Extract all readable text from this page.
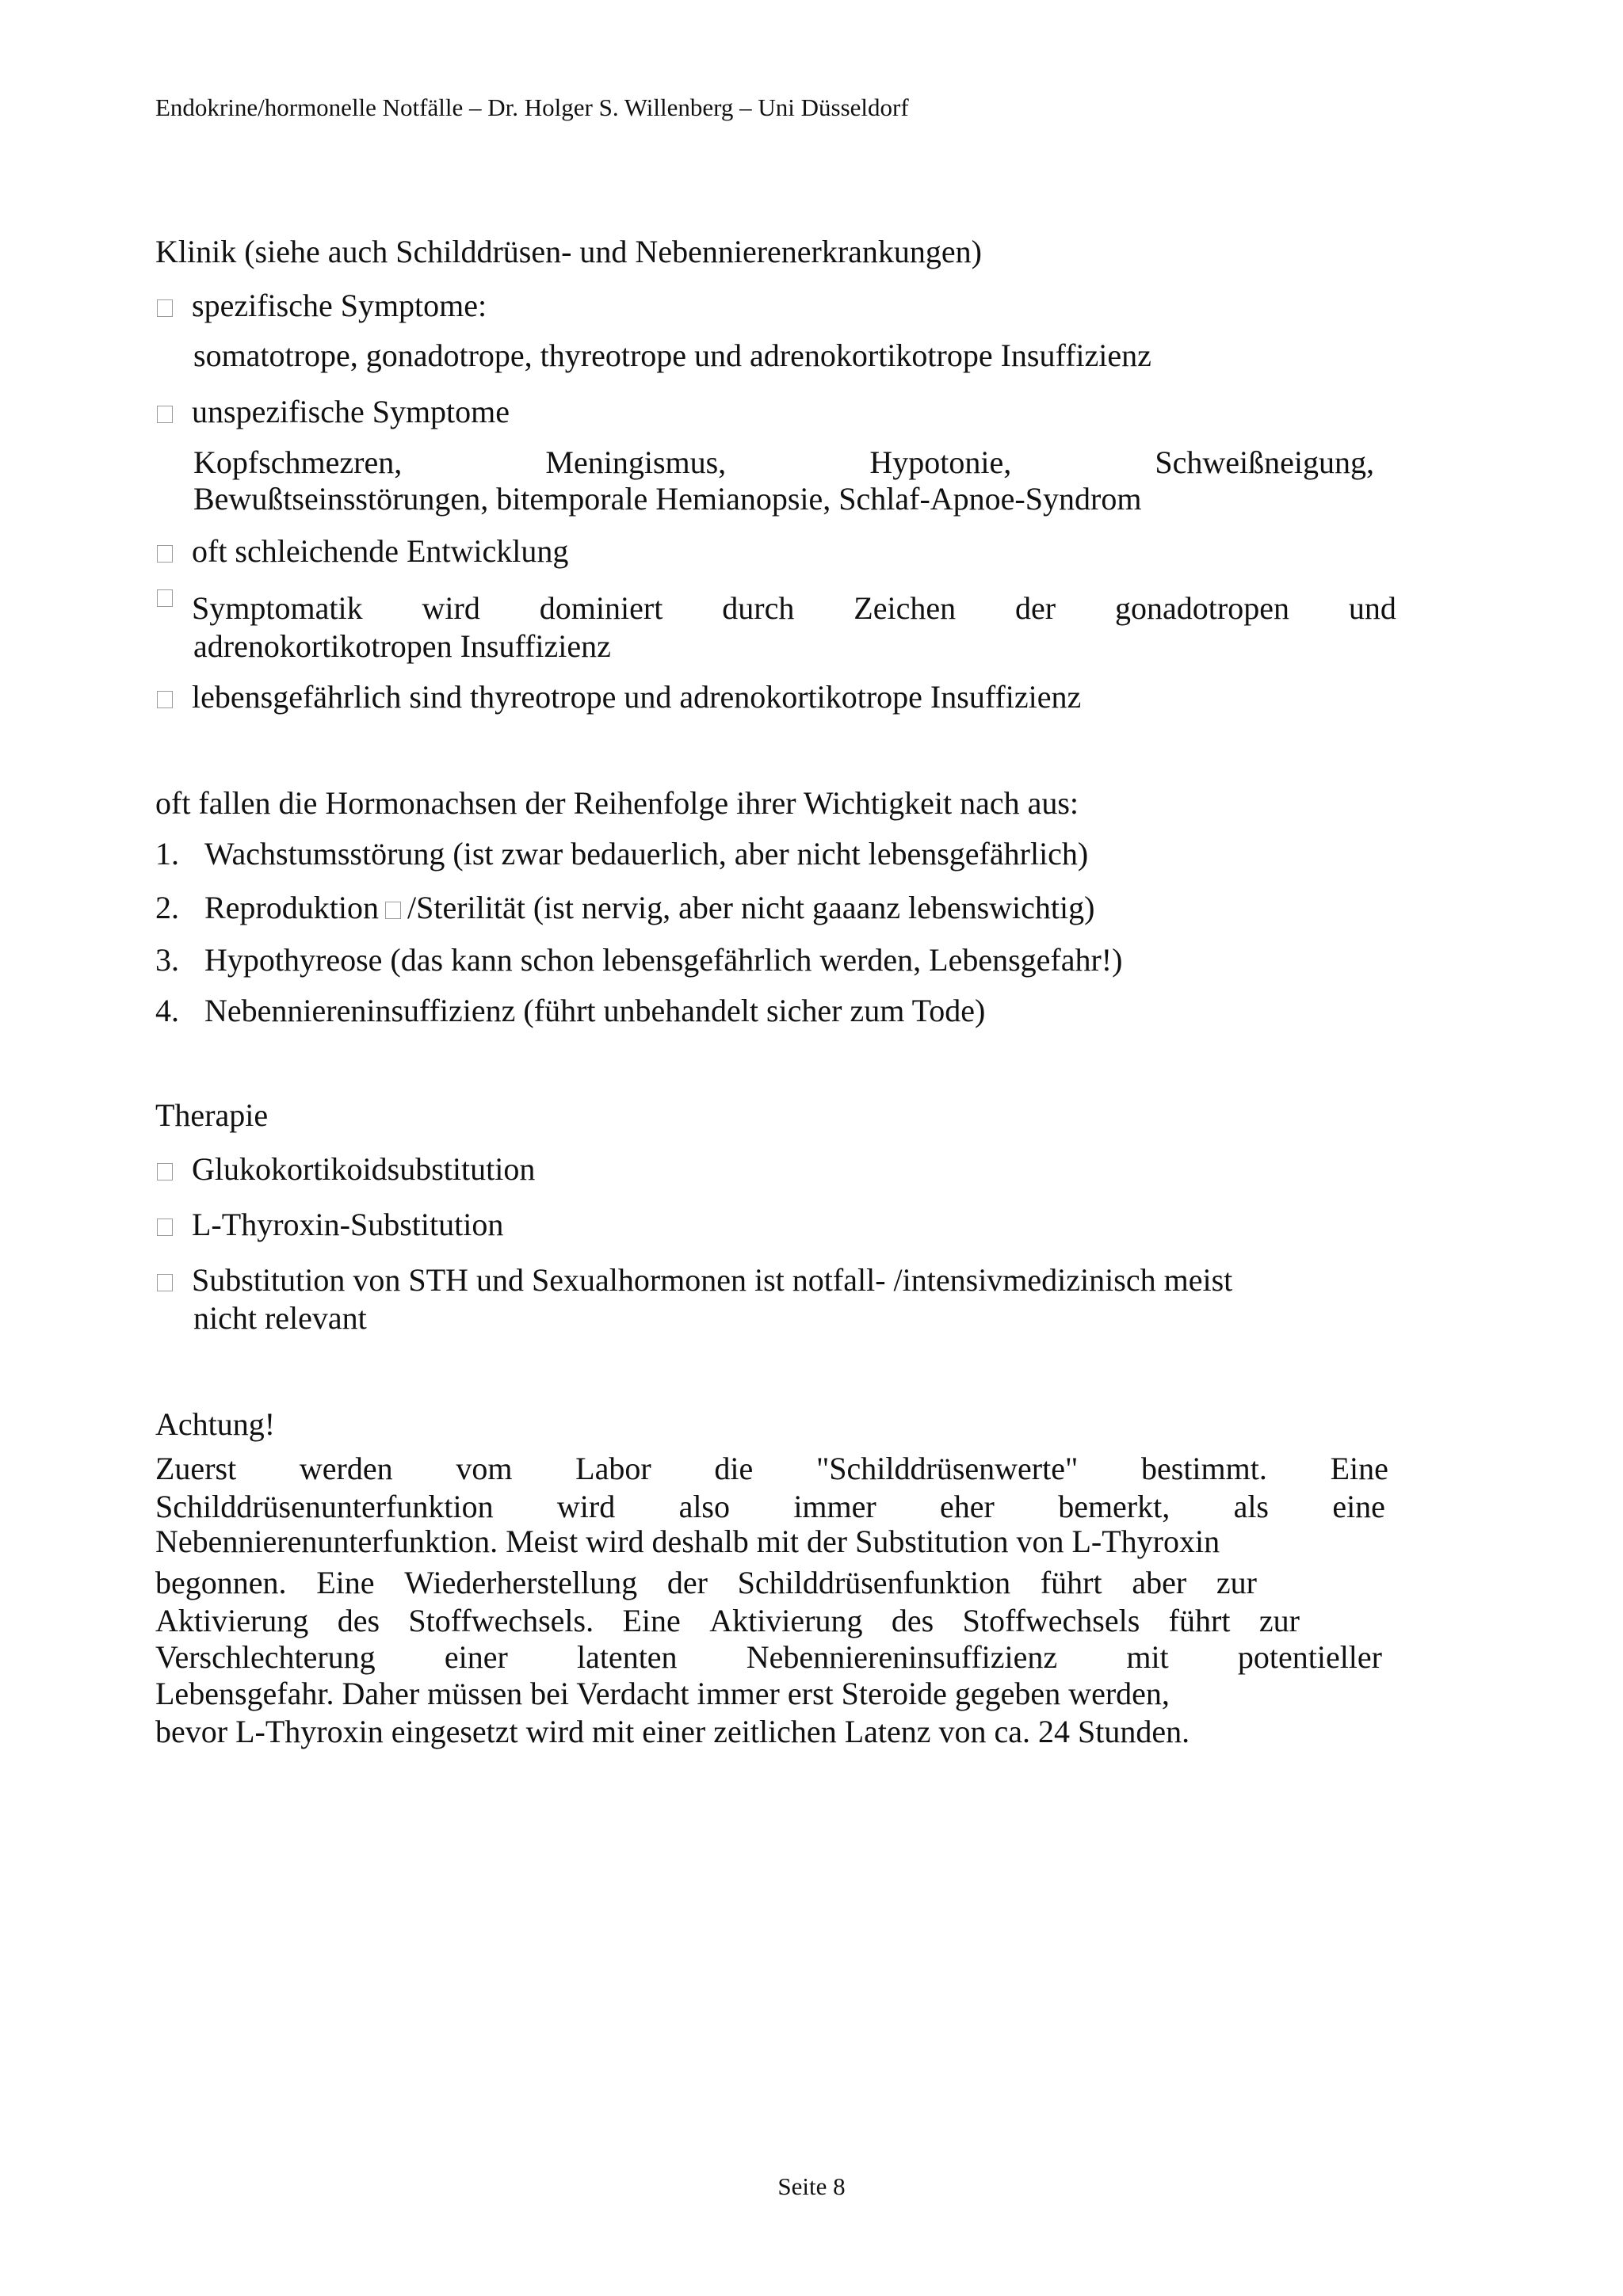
Endokrine/hormonelle Notfälle – Dr. Holger S. Willenberg – Uni Düsseldorf
Klinik (siehe auch Schilddrüsen- und Nebennierenerkrankungen)
spezifische Symptome:
somatotrope, gonadotrope, thyreotrope und adrenokortikotrope Insuffizienz
unspezifische Symptome
Kopfschmezren,	Meningismus,	Hypotonie,	Schweißneigung,
Bewußtseinsstörungen, bitemporale Hemianopsie, Schlaf-Apnoe-Syndrom
oft schleichende Entwicklung
Symptomatik wird dominiert durch Zeichen der gonadotropen und
adrenokortikotropen Insuffizienz
lebensgefährlich sind thyreotrope und adrenokortikotrope Insuffizienz
oft fallen die Hormonachsen der Reihenfolge ihrer Wichtigkeit nach aus:
1. Wachstumsstörung (ist zwar bedauerlich, aber nicht lebensgefährlich)
2. Reproduktion /Sterilität (ist nervig, aber nicht gaaanz lebenswichtig)
3. Hypothyreose (das kann schon lebensgefährlich werden, Lebensgefahr!)
4. Nebenniereninsuffizienz (führt unbehandelt sicher zum Tode)
Therapie
Glukokortikoidsubstitution
L-Thyroxin-Substitution
Substitution von STH und Sexualhormonen ist notfall- /intensivmedizinisch meist
nicht relevant
Achtung!
Zuerst werden vom Labor die "Schilddrüsenwerte" bestimmt. Eine
Schilddrüsenunterfunktion wird also immer eher bemerkt, als eine
Nebennierenunterfunktion. Meist wird deshalb mit der Substitution von L-Thyroxin
begonnen. Eine Wiederherstellung der Schilddrüsenfunktion führt aber zur
Aktivierung des Stoffwechsels. Eine Aktivierung des Stoffwechsels führt zur
Verschlechterung einer latenten Nebenniereninsuffizienz mit potentieller
Lebensgefahr. Daher müssen bei Verdacht immer erst Steroide gegeben werden,
bevor L-Thyroxin eingesetzt wird mit einer zeitlichen Latenz von ca. 24 Stunden.
Seite 8
